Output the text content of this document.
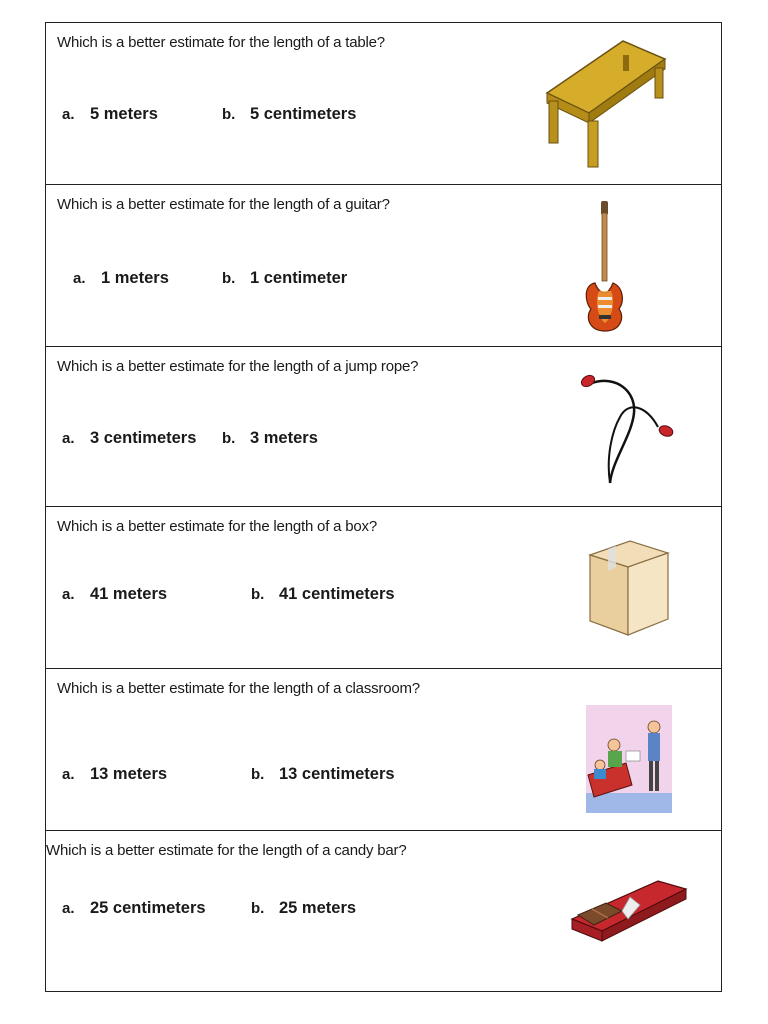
Which is a better estimate for the length of a table?
a. 5 meters	b. 5 centimeters
Which is a better estimate for the length of a guitar?
a. 1 meters	b. 1 centimeter
Which is a better estimate for the length of a jump rope?
a. 3 centimeters b. 3 meters
Which is a better estimate for the length of a box?
a. 41 meters	b. 41 centimeters
Which is a better estimate for the length of a classroom?
a. 13 meters	b. 13 centimeters
Which is a better estimate for the length of a candy bar?
a. 25 centimeters	b. 25 meters
